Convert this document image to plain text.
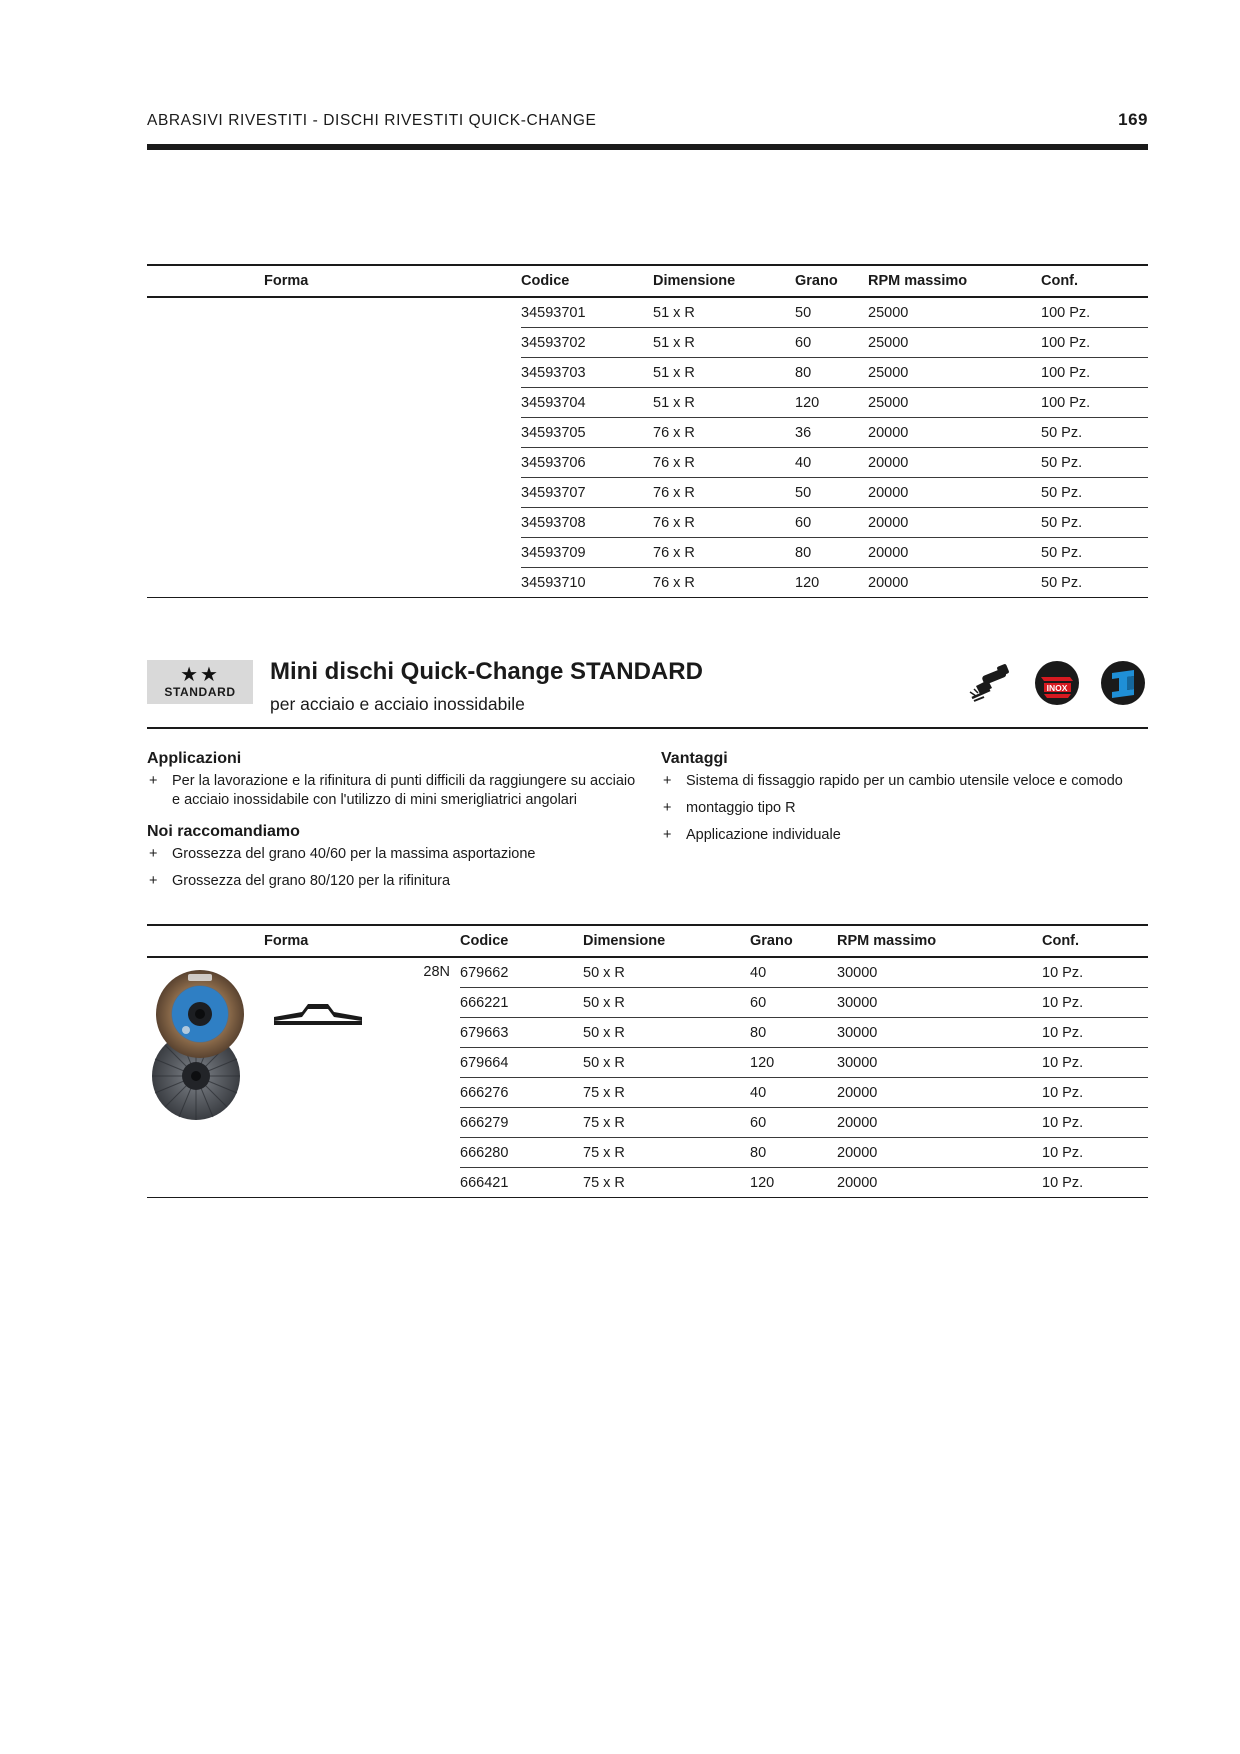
ABRASIVI RIVESTITI - DISCHI RIVESTITI QUICK-CHANGE	169
Forma	Codice	Dimensione	Grano	RPM massimo	Conf.
	34593701	51 x R	50	25000	100 Pz.
	34593702	51 x R	60	25000	100 Pz.
	34593703	51 x R	80	25000	100 Pz.
	34593704	51 x R	120	25000	100 Pz.
	34593705	76 x R	36	20000	50 Pz.
	34593706	76 x R	40	20000	50 Pz.
	34593707	76 x R	50	20000	50 Pz.
	34593708	76 x R	60	20000	50 Pz.
	34593709	76 x R	80	20000	50 Pz.
	34593710	76 x R	120	20000	50 Pz.
★★
STANDARD
Mini dischi Quick-Change STANDARD
per acciaio e acciaio inossidabile
INOX
Applicazioni
+ Per la lavorazione e la rifinitura di punti difficili da raggiungere su acciaio e acciaio inossidabile con l'utilizzo di mini smerigliatrici angolari
Noi raccomandiamo
+ Grossezza del grano 40/60 per la massima asportazione
+ Grossezza del grano 80/120 per la rifinitura
Vantaggi
+ Sistema di fissaggio rapido per un cambio utensile veloce e comodo
+ montaggio tipo R
+ Applicazione individuale
Forma	Codice	Dimensione	Grano	RPM massimo	Conf.

28N	679662	50 x R	40	30000	10 Pz.
	666221	50 x R	60	30000	10 Pz.
	679663	50 x R	80	30000	10 Pz.
	679664	50 x R	120	30000	10 Pz.
	666276	75 x R	40	20000	10 Pz.
	666279	75 x R	60	20000	10 Pz.
	666280	75 x R	80	20000	10 Pz.
	666421	75 x R	120	20000	10 Pz.
